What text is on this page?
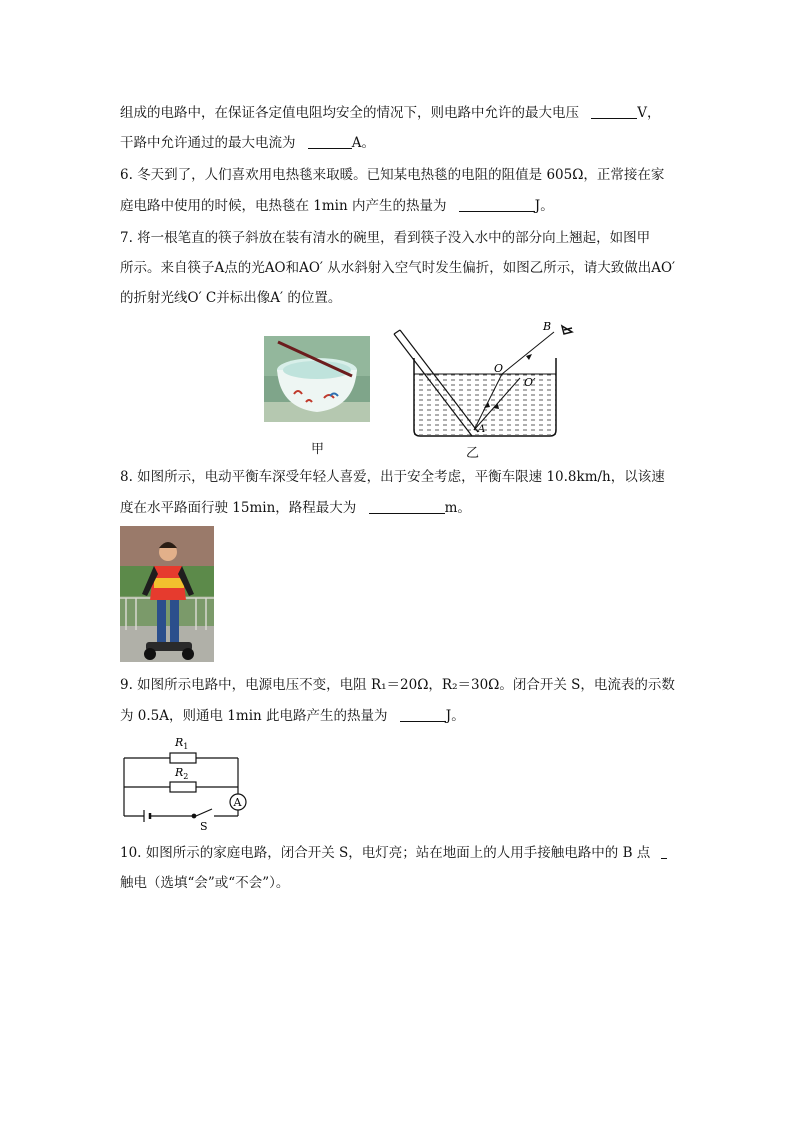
组成的电路中，在保证各定值电阻均安全的情况下，则电路中允许的最大电压	V，
干路中允许通过的最大电流为	A。
6. 冬天到了，人们喜欢用电热毯来取暖。已知某电热毯的电阻的阻值是 605Ω，正常接在家
庭电路中使用的时候，电热毯在 1min 内产生的热量为	J。
7. 将一根笔直的筷子斜放在装有清水的碗里，看到筷子没入水中的部分向上翘起，如图甲
所示。来自筷子A点的光AO和AO′ 从水斜射入空气时发生偏折，如图乙所示，请大致做出AO′
的折射光线O′ C并标出像A′ 的位置。
甲
B
O
O′
A
乙
8. 如图所示，电动平衡车深受年轻人喜爱，出于安全考虑，平衡车限速 10.8km/h，以该速
度在水平路面行驶 15min，路程最大为	m。
9. 如图所示电路中，电源电压不变，电阻 R₁＝20Ω，R₂＝30Ω。闭合开关 S，电流表的示数
为 0.5A，则通电 1min 此电路产生的热量为	J。
$R_1$
$R_2$
A
S
10. 如图所示的家庭电路，闭合开关 S，电灯亮；站在地面上的人用手接触电路中的 B 点
触电（选填“会”或“不会”）。
